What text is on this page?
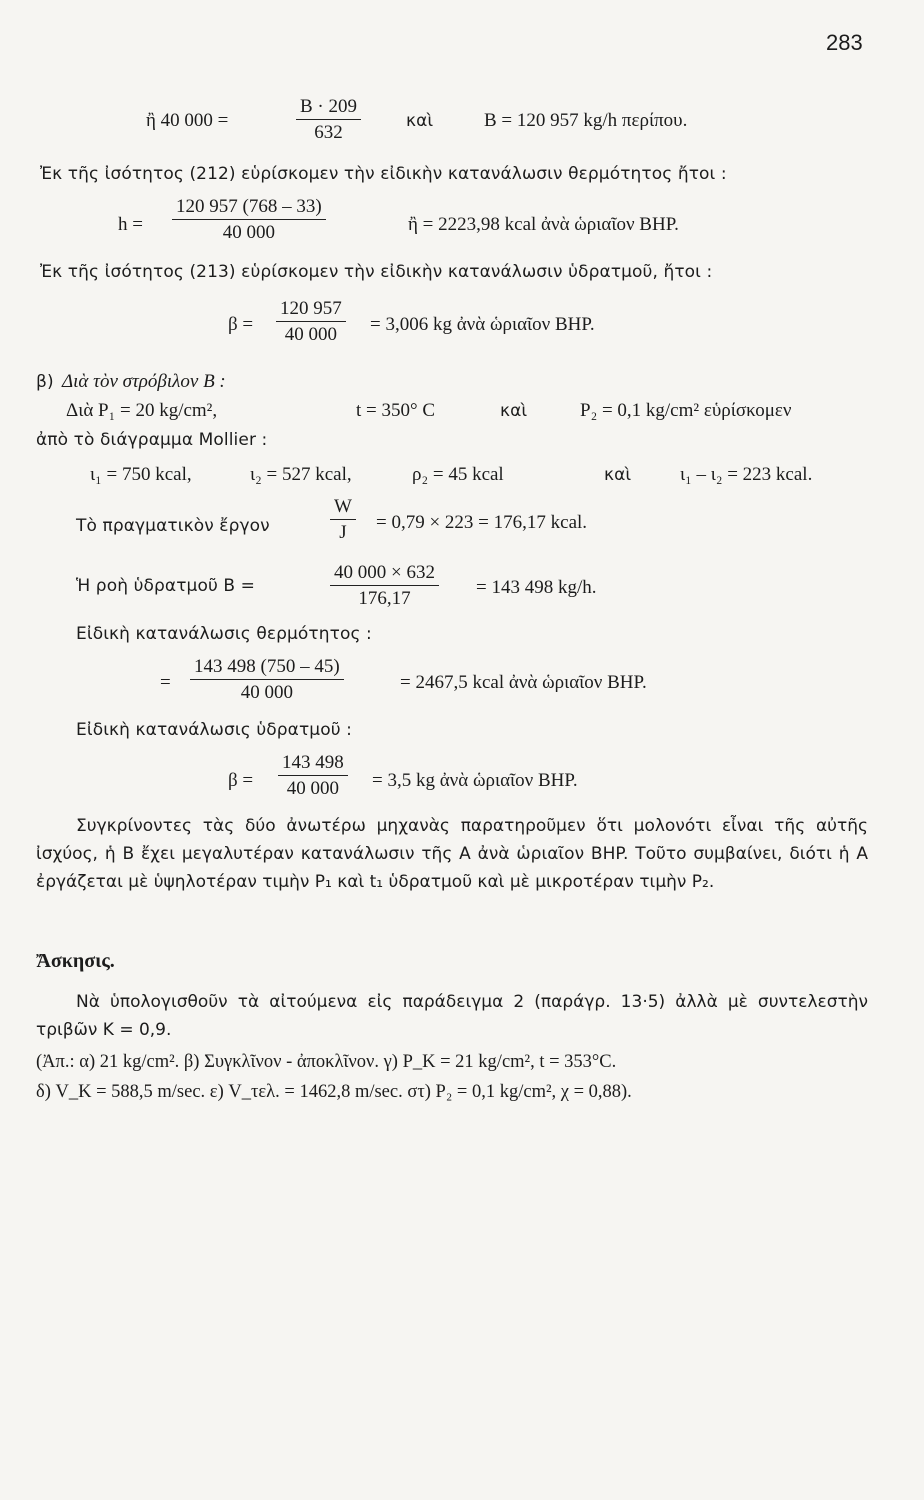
283
ἢ 40 000 =	$\frac{B \cdot 209}{632}$	καὶ	B = 120 957 kg/h περίπου.
Ἐκ τῆς ἰσότητος (212) εὑρίσκομεν τὴν εἰδικὴν κατανάλωσιν θερμότητος ἤτοι :
$h = \frac{120 957 (768 - 33)}{40 000}$	ἢ = 2223,98 kcal ἀνὰ ὡριαῖον BHP.
Ἐκ τῆς ἰσότητος (213) εὑρίσκομεν τὴν εἰδικὴν κατανάλωσιν ὑδρατμοῦ, ἤτοι :
$\beta = \frac{120 957}{40 000} = 3,006$ kg ἀνὰ ὡριαῖον BHP.
β) Διὰ τὸν στρόβιλον B :
Διὰ P₁ = 20 kg/cm²,	t = 350° C	καὶ	P₂ = 0,1 kg/cm² εὑρίσκομεν
ἀπὸ τὸ διάγραμμα Mollier :
ι₁ = 750 kcal,	ι₂ = 527 kcal,	ρ₂ = 45 kcal	καὶ	ι₁ – ι₂ = 223 kcal.
Τὸ πραγματικὸν ἔργον	$\frac{W}{J} = 0,79 \times 223 = 176,17$ kcal.
Ἡ ροὴ ὑδρατμοῦ B =	$\frac{40 000 \times 632}{176,17} = 143$ 498 kg/h.
Εἰδικὴ κατανάλωσις θερμότητος :
= $\frac{143 498 (750 - 45)}{40 000}$	= 2467,5 kcal ἀνὰ ὡριαῖον BHP.
Εἰδικὴ κατανάλωσις ὑδρατμοῦ :
$\beta = \frac{143 498}{40 000} = 3,5$ kg ἀνὰ ὡριαῖον BHP.
Συγκρίνοντες τὰς δύο ἀνωτέρω μηχανὰς παρατηροῦμεν ὅτι μολονότι εἶναι τῆς αὐτῆς ἰσχύος, ἡ B ἔχει μεγαλυτέραν κατανάλωσιν τῆς A ἀνὰ ὡριαῖον BHP. Τοῦτο συμβαίνει, διότι ἡ A ἐργάζεται μὲ ὑψηλοτέραν τιμὴν P₁ καὶ t₁ ὑδρατμοῦ καὶ μὲ μικροτέραν τιμὴν P₂.
Ἄσκησις.
Νὰ ὑπολογισθοῦν τὰ αἰτούμενα εἰς παράδειγμα 2 (παράγρ. 13·5) ἀλλὰ μὲ συντελεστὴν τριβῶν K = 0,9.
(Ἀπ.: α) 21 kg/cm². β) Συγκλῖνον - ἀποκλῖνον. γ) P_K = 21 kg/cm², t = 353°C.
δ) V_K = 588,5 m/sec. ε) V_τελ. = 1462,8 m/sec. στ) P₂ = 0,1 kg/cm², χ = 0,88).
